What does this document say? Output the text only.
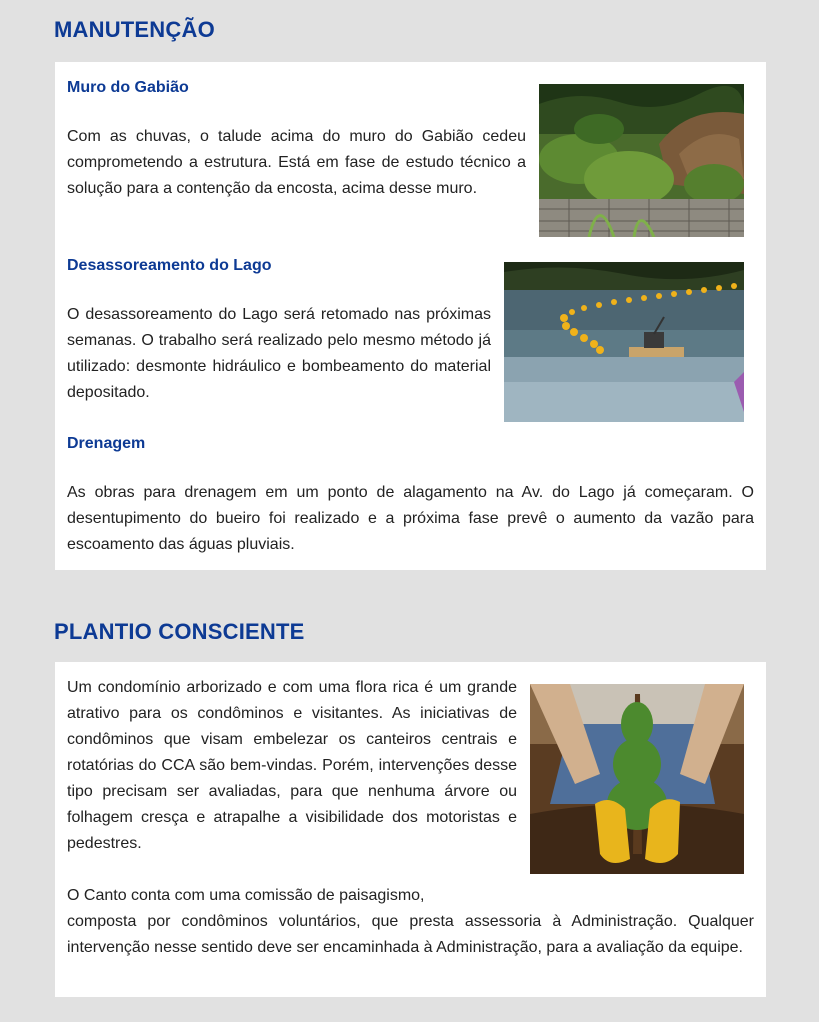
MANUTENÇÃO
Muro do Gabião

Com as chuvas, o talude acima do muro do Gabião cedeu comprometendo a estrutura. Está em fase de estudo técnico a solução para a contenção da encosta, acima desse muro.

Desassoreamento do Lago

O desassoreamento do Lago será retomado nas próximas semanas. O trabalho será realizado pelo mesmo método já utilizado: desmonte hidráulico e bombeamento do material depositado.

Drenagem

As obras para drenagem em um ponto de alagamento na Av. do Lago já começaram. O desentupimento do bueiro foi realizado e a próxima fase prevê o aumento da vazão para escoamento das águas pluviais.

PLANTIO CONSCIENTE

Um condomínio arborizado e com uma flora rica é um grande atrativo para os condôminos e visitantes. As iniciativas de condôminos que visam embelezar os canteiros centrais e rotatórias do CCA são bem-vindas. Porém, intervenções desse tipo precisam ser avaliadas, para que nenhuma árvore ou folhagem cresça e atrapalhe a visibilidade dos motoristas e pedestres.

O Canto conta com uma comissão de paisagismo,

composta por condôminos voluntários, que presta assessoria à Administração. Qualquer intervenção nesse sentido deve ser encaminhada à Administração, para a avaliação da equipe.
